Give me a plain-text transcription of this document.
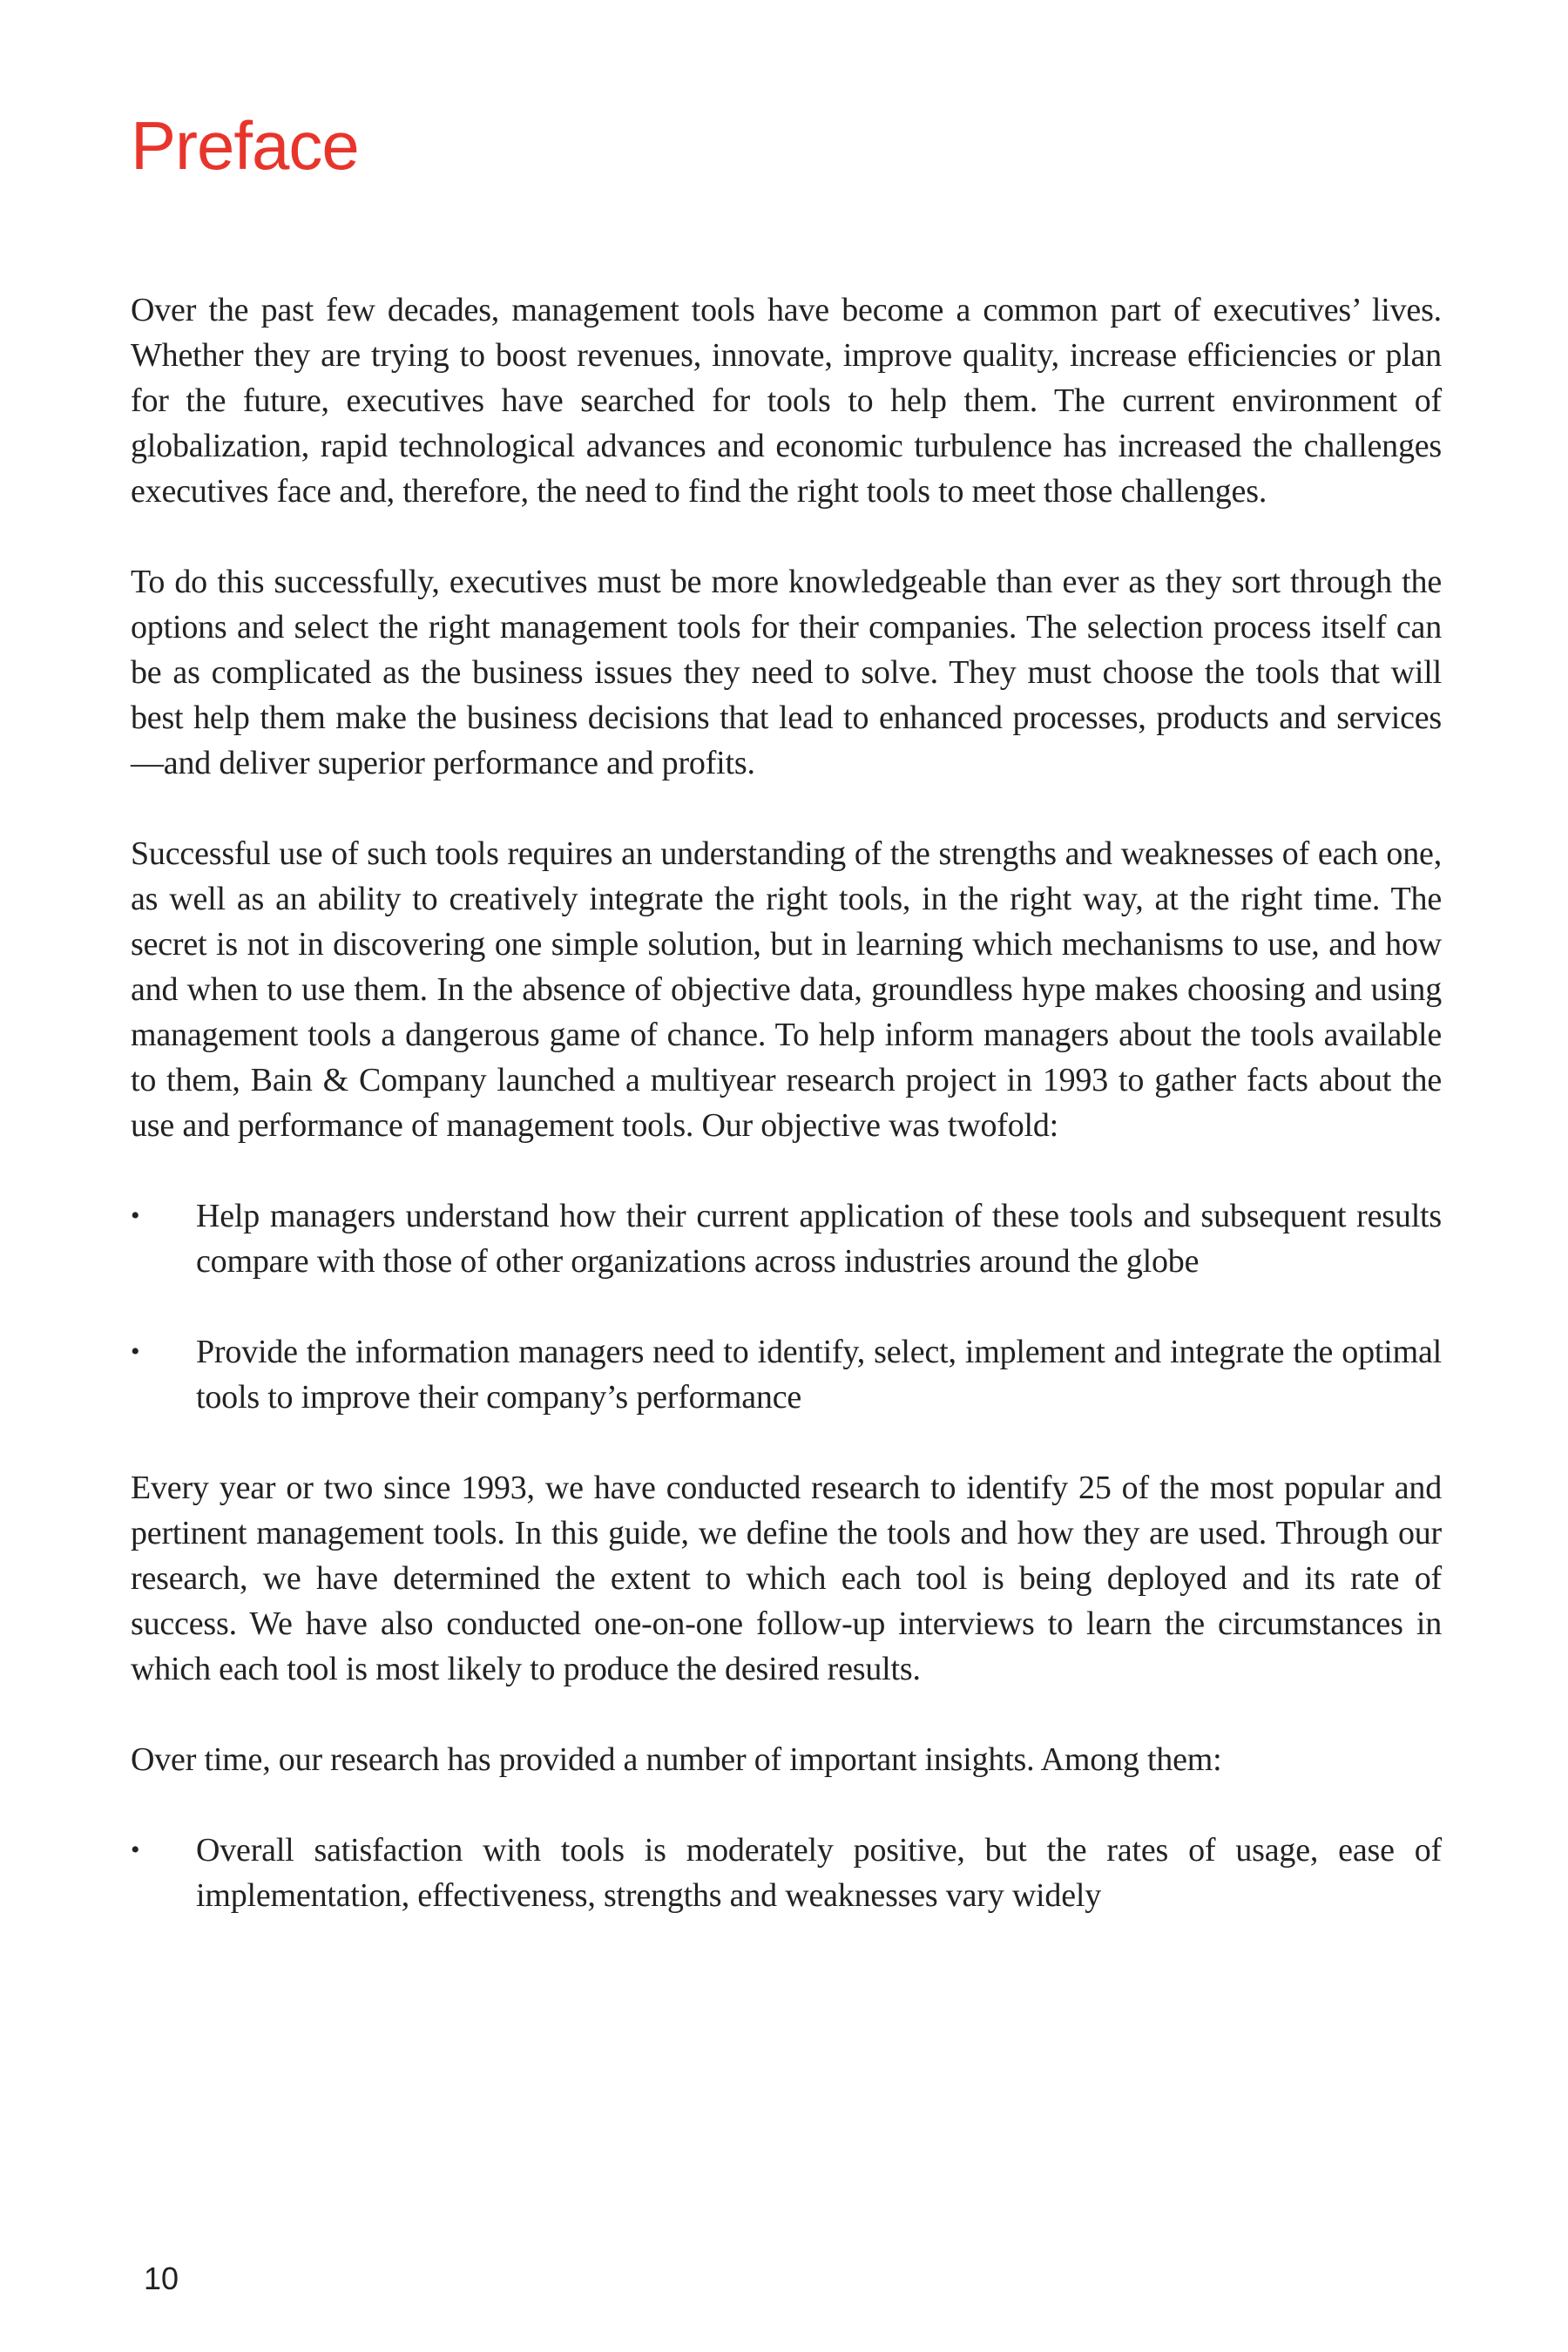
Preface

Over the past few decades, management tools have become a common part of executives’ lives. Whether they are trying to boost revenues, innovate, improve quality, increase efficiencies or plan for the future, executives have searched for tools to help them. The current environment of globalization, rapid technological advances and economic turbulence has increased the challenges executives face and, therefore, the need to find the right tools to meet those challenges.

To do this successfully, executives must be more knowledgeable than ever as they sort through the options and select the right management tools for their companies. The selection process itself can be as complicated as the business issues they need to solve. They must choose the tools that will best help them make the business decisions that lead to enhanced processes, products and services—and deliver superior performance and profits.

Successful use of such tools requires an understanding of the strengths and weaknesses of each one, as well as an ability to creatively integrate the right tools, in the right way, at the right time. The secret is not in discovering one simple solution, but in learning which mechanisms to use, and how and when to use them. In the absence of objective data, groundless hype makes choosing and using management tools a dangerous game of chance. To help inform managers about the tools available to them, Bain & Company launched a multiyear research project in 1993 to gather facts about the use and performance of management tools. Our objective was twofold:

• Help managers understand how their current application of these tools and subsequent results compare with those of other organizations across industries around the globe
• Provide the information managers need to identify, select, implement and integrate the optimal tools to improve their company’s performance

Every year or two since 1993, we have conducted research to identify 25 of the most popular and pertinent management tools. In this guide, we define the tools and how they are used. Through our research, we have determined the extent to which each tool is being deployed and its rate of success. We have also conducted one-on-one follow-up interviews to learn the circumstances in which each tool is most likely to produce the desired results.

Over time, our research has provided a number of important insights. Among them:

• Overall satisfaction with tools is moderately positive, but the rates of usage, ease of implementation, effectiveness, strengths and weaknesses vary widely
10
